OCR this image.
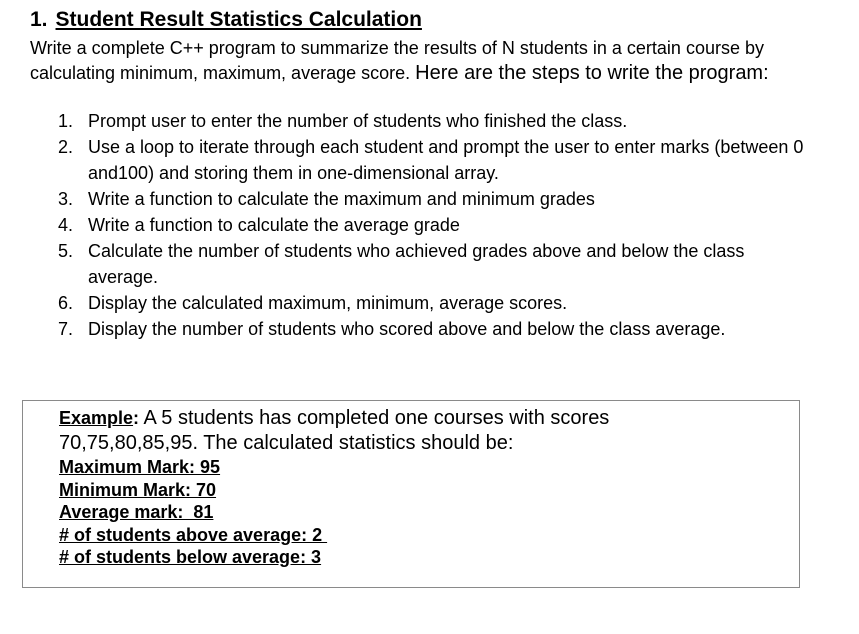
1. Student Result Statistics Calculation
Write a complete C++ program to summarize the results of N students in a certain course by calculating minimum, maximum, average score. Here are the steps to write the program:
1. Prompt user to enter the number of students who finished the class.
2. Use a loop to iterate through each student and prompt the user to enter marks (between 0 and100) and storing them in one-dimensional array.
3. Write a function to calculate the maximum and minimum grades
4. Write a function to calculate the average grade
5. Calculate the number of students who achieved grades above and below the class average.
6. Display the calculated maximum, minimum, average scores.
7. Display the number of students who scored above and below the class average.
Example: A 5 students has completed one courses with scores
70,75,80,85,95. The calculated statistics should be:
Maximum Mark: 95
Minimum Mark: 70
Average mark:  81
# of students above average: 2
# of students below average: 3
